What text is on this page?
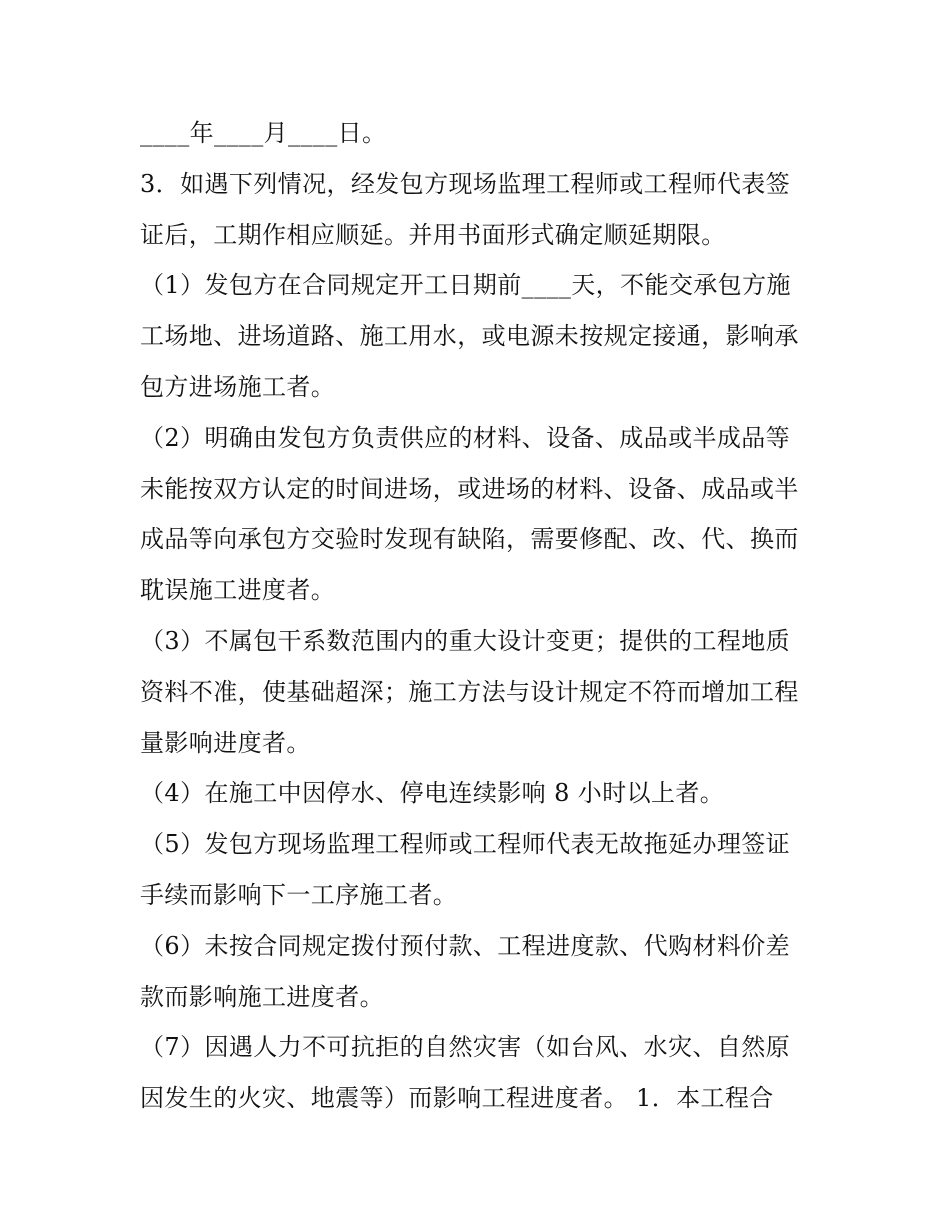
____年____月____日。
3．如遇下列情况，经发包方现场监理工程师或工程师代表签
证后，工期作相应顺延。并用书面形式确定顺延期限。
（1）发包方在合同规定开工日期前____天，不能交承包方施
工场地、进场道路、施工用水，或电源未按规定接通，影响承
包方进场施工者。
（2）明确由发包方负责供应的材料、设备、成品或半成品等
未能按双方认定的时间进场，或进场的材料、设备、成品或半
成品等向承包方交验时发现有缺陷，需要修配、改、代、换而
耽误施工进度者。
（3）不属包干系数范围内的重大设计变更；提供的工程地质
资料不准，使基础超深；施工方法与设计规定不符而增加工程
量影响进度者。
（4）在施工中因停水、停电连续影响 8 小时以上者。
（5）发包方现场监理工程师或工程师代表无故拖延办理签证
手续而影响下一工序施工者。
（6）未按合同规定拨付预付款、工程进度款、代购材料价差
款而影响施工进度者。
（7）因遇人力不可抗拒的自然灾害（如台风、水灾、自然原
因发生的火灾、地震等）而影响工程进度者。 1．本工程合
